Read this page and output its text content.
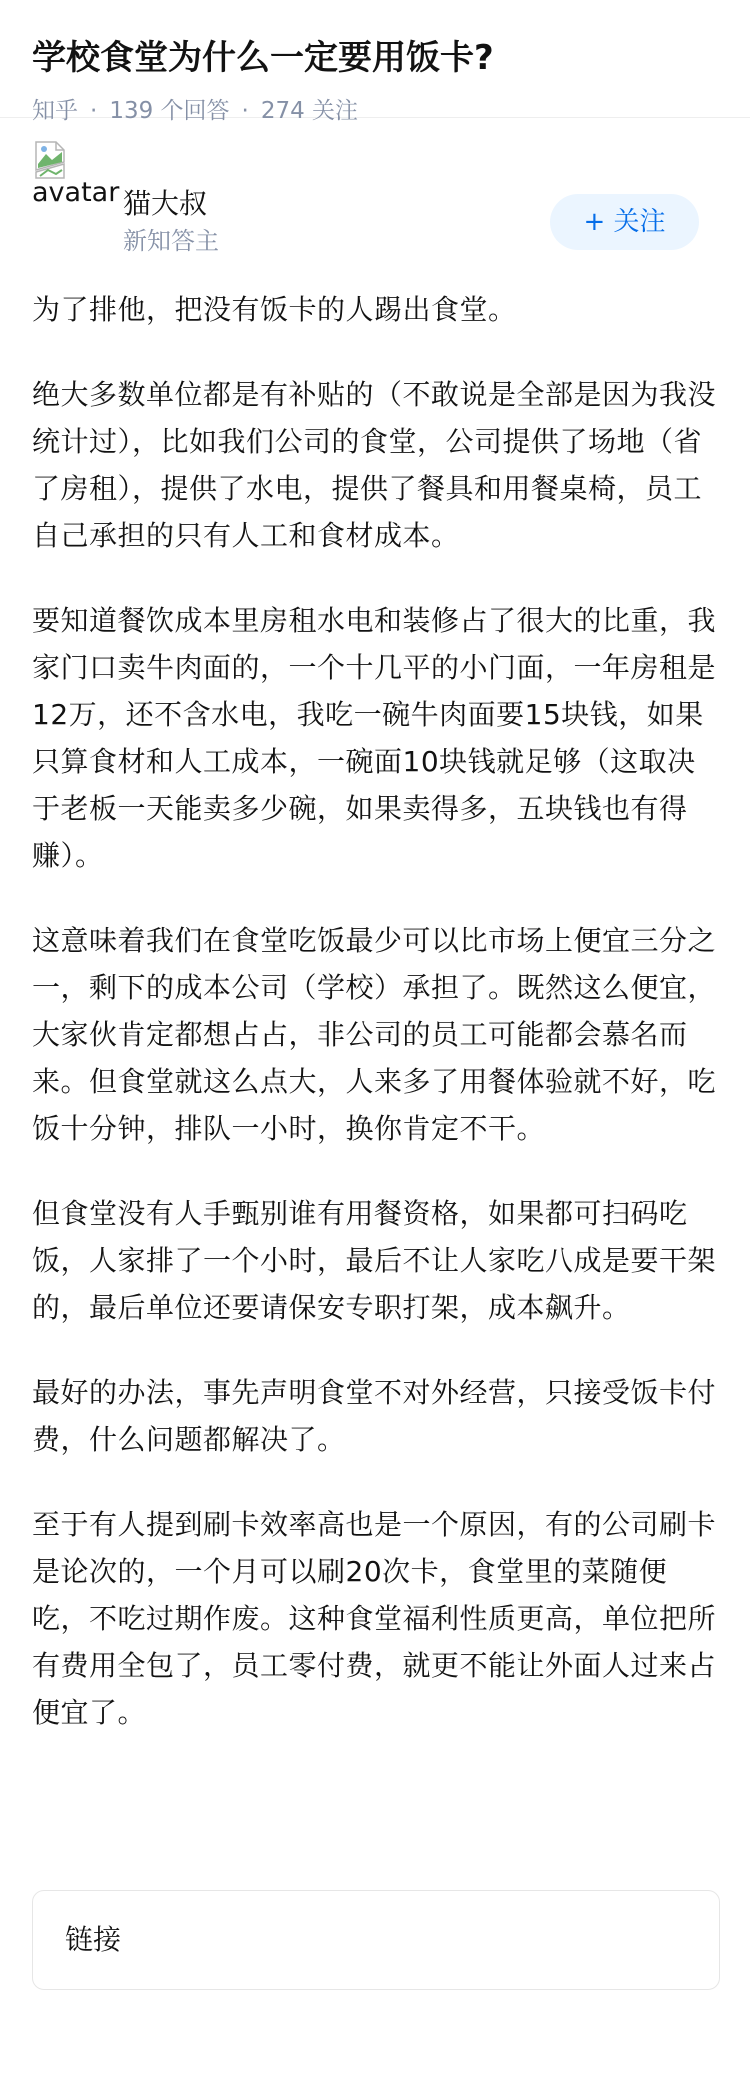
学校食堂为什么一定要用饭卡?
知乎 · 139 个回答 · 274 关注
avatar 猫大叔
新知答主
+ 关注

为了排他，把没有饭卡的人踢出食堂。

绝大多数单位都是有补贴的（不敢说是全部是因为我没统计过），比如我们公司的食堂，公司提供了场地（省了房租），提供了水电，提供了餐具和用餐桌椅，员工自己承担的只有人工和食材成本。

要知道餐饮成本里房租水电和装修占了很大的比重，我家门口卖牛肉面的，一个十几平的小门面，一年房租是12万，还不含水电，我吃一碗牛肉面要15块钱，如果只算食材和人工成本，一碗面10块钱就足够（这取决于老板一天能卖多少碗，如果卖得多，五块钱也有得赚）。

这意味着我们在食堂吃饭最少可以比市场上便宜三分之一，剩下的成本公司（学校）承担了。既然这么便宜，大家伙肯定都想占占，非公司的员工可能都会慕名而来。但食堂就这么点大，人来多了用餐体验就不好，吃饭十分钟，排队一小时，换你肯定不干。

但食堂没有人手甄别谁有用餐资格，如果都可扫码吃饭，人家排了一个小时，最后不让人家吃八成是要干架的，最后单位还要请保安专职打架，成本飙升。

最好的办法，事先声明食堂不对外经营，只接受饭卡付费，什么问题都解决了。

至于有人提到刷卡效率高也是一个原因，有的公司刷卡是论次的，一个月可以刷20次卡，食堂里的菜随便吃，不吃过期作废。这种食堂福利性质更高，单位把所有费用全包了，员工零付费，就更不能让外面人过来占便宜了。

链接
